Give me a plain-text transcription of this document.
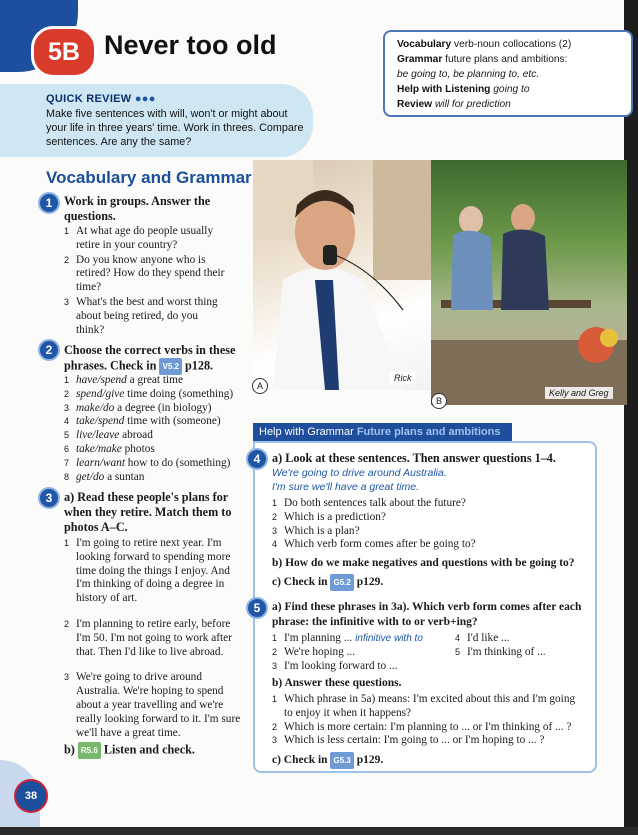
5B Never too old	Vocabulary verb-noun collocations (2)
Grammar future plans and ambitions:
be going to, be planning to, etc.
Help with Listening going to
Review will for prediction
QUICK REVIEW ●●●
Make five sentences with will, won't or might about your life in three years' time. Work in threes. Compare sentences. Are any the same?
Vocabulary and Grammar
1 Work in groups. Answer the questions.
1 At what age do people usually retire in your country?
2 Do you know anyone who is retired? How do they spend their time?
3 What's the best and worst thing about being retired, do you think?
2 Choose the correct verbs in these phrases. Check in V5.2 p128.
1 have/spend a great time
2 spend/give time doing (something)
3 make/do a degree (in biology)
4 take/spend time with (someone)
5 live/leave abroad
6 take/make photos
7 learn/want how to do (something)
8 get/do a suntan
3 a) Read these people's plans for when they retire. Match them to photos A–C.
1 I'm going to retire next year. I'm looking forward to spending more time doing the things I enjoy. And I'm thinking of doing a degree in history of art.
2 I'm planning to retire early, before I'm 50. I'm not going to work after that. Then I'd like to live abroad.
3 We're going to drive around Australia. We're hoping to spend about a year travelling and we're really looking forward to it. I'm sure we'll have a great time.
b) R5.6 Listen and check.
A
Rick
B
Kelly and Greg
Help with Grammar Future plans and ambitions
4 a) Look at these sentences. Then answer questions 1–4.
We're going to drive around Australia.
I'm sure we'll have a great time.
1 Do both sentences talk about the future?
2 Which is a prediction?
3 Which is a plan?
4 Which verb form comes after be going to?
b) How do we make negatives and questions with be going to?
c) Check in G5.2 p129.
5	a) Find these phrases in 3a). Which verb form comes after each phrase: the infinitive with to or verb+ing?
1 I'm planning ... infinitive with to
2 We're hoping ...
3 I'm looking forward to ...
4 I'd like ...
5 I'm thinking of ...
b) Answer these questions.
1 Which phrase in 5a) means: I'm excited about this and I'm going to enjoy it when it happens?
2 Which is more certain: I'm planning to ... or I'm thinking of ... ?
3 Which is less certain: I'm going to ... or I'm hoping to ... ?
c) Check in G5.3 p129.
38
